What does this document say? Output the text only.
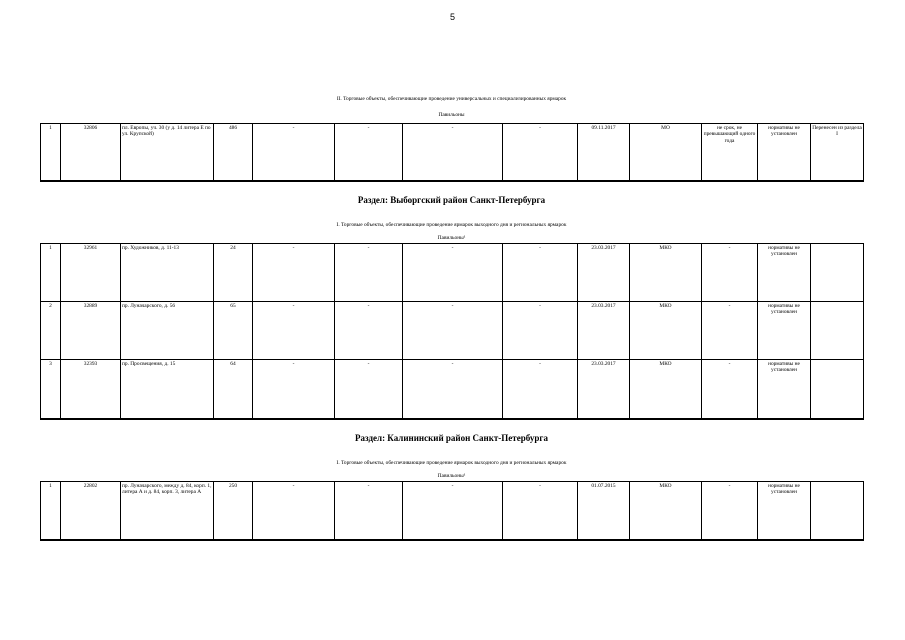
5
II. Торговые объекты, обеспечивающие проведение универсальных и специализированных ярмарок
Павильоны
1	32806	пл. Европы, уч. 30 (у д. 14 литера Е по ул. Крупской)	486	-	-	-	-	09.11.2017	МО	не срок, не превышающий одного года	нормативы не установлен	Перенесен из раздела I
Раздел: Выборгский район Санкт-Петербурга
I. Торговые объекты, обеспечивающие проведение ярмарок выходного дня и региональных ярмарок
Павильоны¹
1	32961	пр. Художников, д. 11-13	24	-	-	-	-	23.03.2017	МКО	-	нормативы не установлен	
2	32889	пр. Луначарского, д. 56	65	-	-	-	-	23.03.2017	МКО	-	нормативы не установлен	
3	32393	пр. Просвещения, д. 15	64	-	-	-	-	23.03.2017	МКО	-	нормативы не установлен	
Раздел: Калининский район Санкт-Петербурга
I. Торговые объекты, обеспечивающие проведение ярмарок выходного дня и региональных ярмарок
Павильоны¹
1	22802	пр. Луначарского, между д. 84, корп. 1, литера А и д. 84, корп. 3, литера А	250	-	-	-	-	01.07.2015	МКО	-	нормативы не установлен	
